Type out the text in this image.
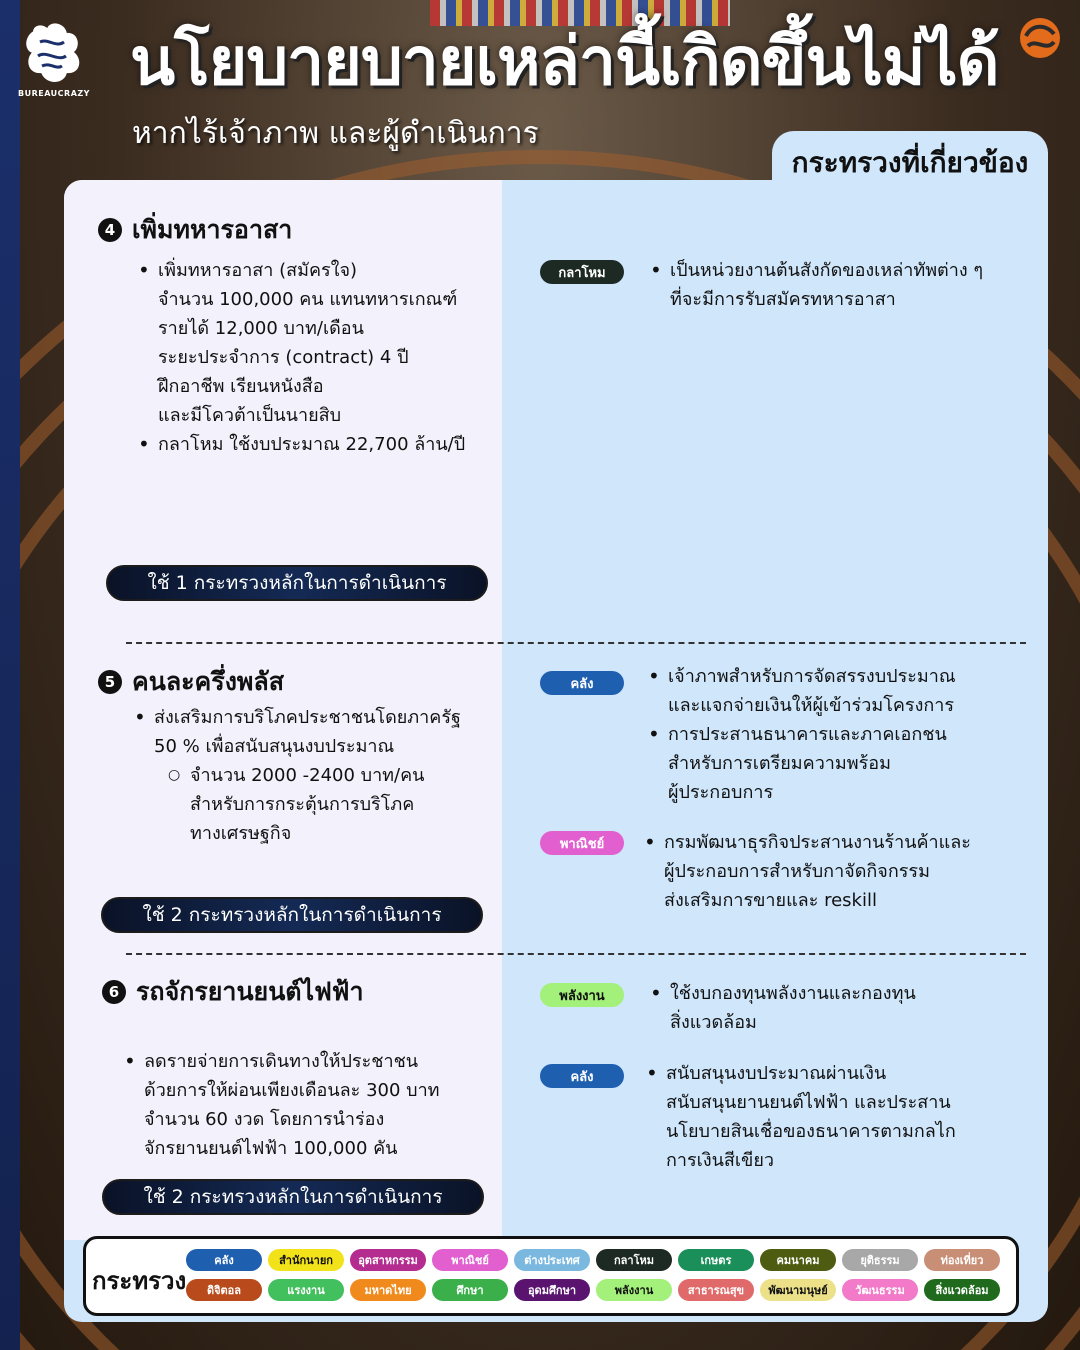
BUREAUCRAZY นโยบายบายเหล่านี้เกิดขึ้นไม่ได้
หากไร้เจ้าภาพ และผู้ดำเนินการ
กระทรวงที่เกี่ยวข้อง
4 เพิ่มทหารอาสา
• เพิ่มทหารอาสา (สมัครใจ)
จำนวน 100,000 คน แทนทหารเกณฑ์
รายได้ 12,000 บาท/เดือน
ระยะประจำการ (contract) 4 ปี
ฝึกอาชีพ เรียนหนังสือ
และมีโควต้าเป็นนายสิบ
• กลาโหม ใช้งบประมาณ 22,700 ล้าน/ปี
ใช้ 1 กระทรวงหลักในการดำเนินการ
กลาโหม	• เป็นหน่วยงานต้นสังกัดของเหล่าทัพต่าง ๆ
ที่จะมีการรับสมัครทหารอาสา
5 คนละครึ่งพลัส
• ส่งเสริมการบริโภคประชาชนโดยภาครัฐ
50 % เพื่อสนับสนุนงบประมาณ
○ จำนวน 2000 -2400 บาท/คน
สำหรับการกระตุ้นการบริโภค
ทางเศรษฐกิจ
ใช้ 2 กระทรวงหลักในการดำเนินการ
คลัง	• เจ้าภาพสำหรับการจัดสรรงบประมาณ
และแจกจ่ายเงินให้ผู้เข้าร่วมโครงการ
• การประสานธนาคารและภาคเอกชน
สำหรับการเตรียมความพร้อม
ผู้ประกอบการ
พาณิชย์	• กรมพัฒนาธุรกิจประสานงานร้านค้าและ
ผู้ประกอบการสำหรับกาจัดกิจกรรม
ส่งเสริมการขายและ reskill
6 รถจักรยานยนต์ไฟฟ้า
• ลดรายจ่ายการเดินทางให้ประชาชน
ด้วยการให้ผ่อนเพียงเดือนละ 300 บาท
จำนวน 60 งวด โดยการนำร่อง
จักรยานยนต์ไฟฟ้า 100,000 คัน
ใช้ 2 กระทรวงหลักในการดำเนินการ
พลังงาน	• ใช้งบกองทุนพลังงานและกองทุน
สิ่งแวดล้อม
คลัง	• สนับสนุนงบประมาณผ่านเงิน
สนับสนุนยานยนต์ไฟฟ้า และประสาน
นโยบายสินเชื่อของธนาคารตามกลไก
การเงินสีเขียว
กระทรวง
คลัง	สำนักนายก	อุตสาหกรรม	พาณิชย์	ต่างประเทศ	กลาโหม	เกษตร	คมนาคม	ยุติธรรม	ท่องเที่ยว
ดิจิตอล	แรงงาน	มหาดไทย	ศึกษา	อุดมศึกษา	พลังงาน	สาธารณสุข	พัฒนามนุษย์	วัฒนธรรม	สิ่งแวดล้อม
